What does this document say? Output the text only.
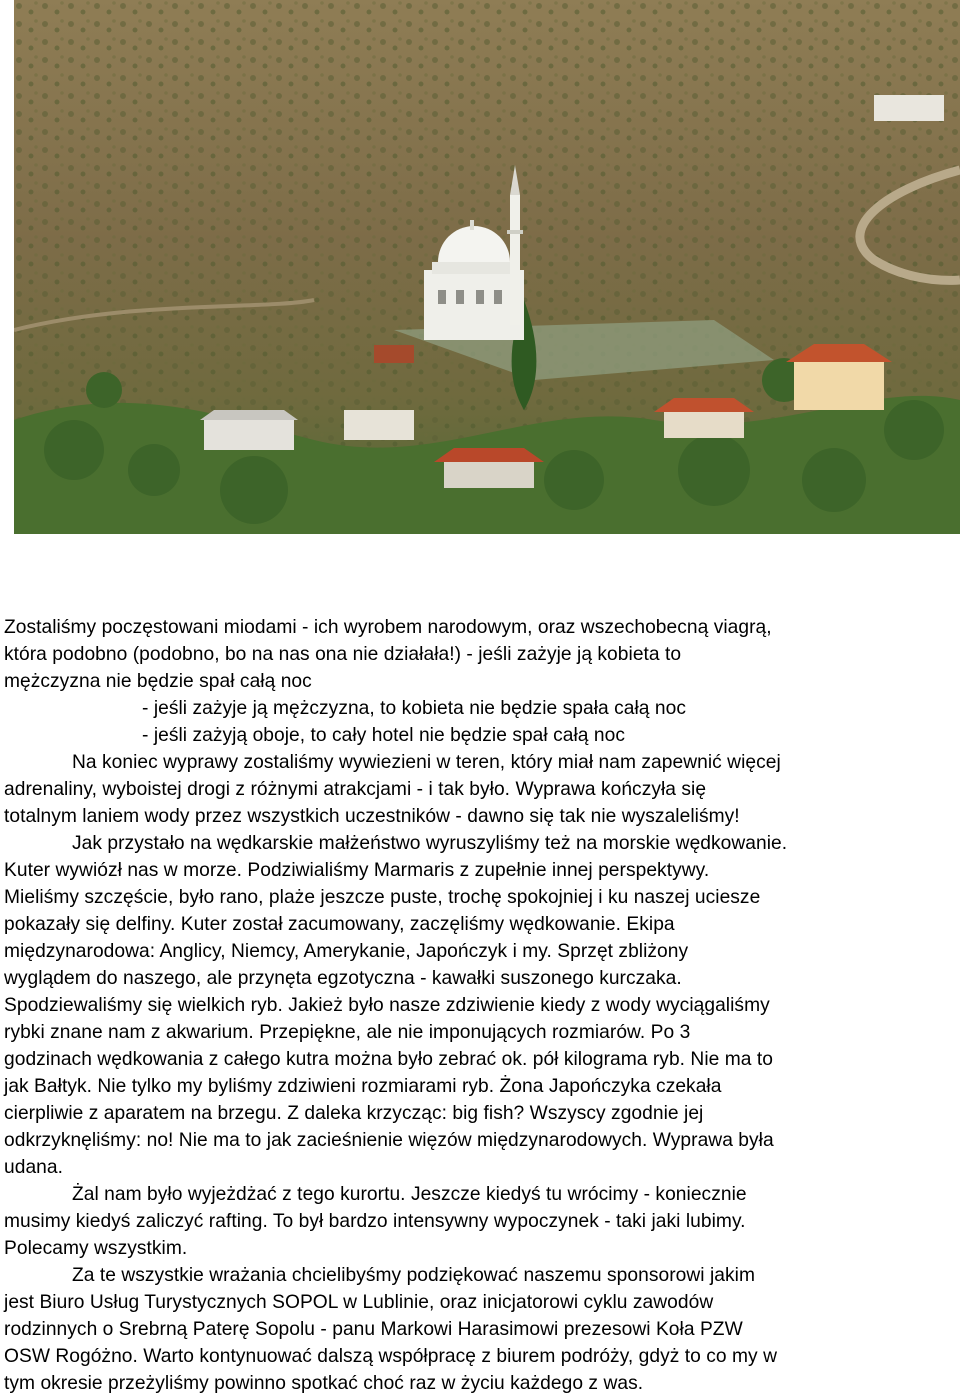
Zostaliśmy poczęstowani miodami - ich wyrobem narodowym, oraz wszechobecną viagrą,
która podobno (podobno, bo na nas ona nie działała!) - jeśli zażyje ją kobieta to
mężczyzna nie będzie spał całą noc
- jeśli zażyje ją mężczyzna, to kobieta nie będzie spała całą noc
- jeśli zażyją oboje, to cały hotel nie będzie spał całą noc
Na koniec wyprawy zostaliśmy wywiezieni w teren, który miał nam zapewnić więcej
adrenaliny, wyboistej drogi z różnymi atrakcjami - i tak było. Wyprawa kończyła się
totalnym laniem wody przez wszystkich uczestników - dawno się tak nie wyszaleliśmy!
Jak przystało na wędkarskie małżeństwo wyruszyliśmy też na morskie wędkowanie.
Kuter wywiózł nas w morze. Podziwialiśmy Marmaris z zupełnie innej perspektywy.
Mieliśmy szczęście, było rano, plaże jeszcze puste, trochę spokojniej i ku naszej uciesze
pokazały się delfiny. Kuter został zacumowany, zaczęliśmy wędkowanie. Ekipa
międzynarodowa: Anglicy, Niemcy, Amerykanie, Japończyk i my. Sprzęt zbliżony
wyglądem do naszego, ale przynęta egzotyczna - kawałki suszonego kurczaka.
Spodziewaliśmy się wielkich ryb. Jakież było nasze zdziwienie kiedy z wody wyciągaliśmy
rybki znane nam z akwarium. Przepiękne, ale nie imponujących rozmiarów. Po 3
godzinach wędkowania z całego kutra można było zebrać ok. pół kilograma ryb. Nie ma to
jak Bałtyk. Nie tylko my byliśmy zdziwieni rozmiarami ryb. Żona Japończyka czekała
cierpliwie z aparatem na brzegu. Z daleka krzycząc: big fish? Wszyscy zgodnie jej
odkrzyknęliśmy: no! Nie ma to jak zacieśnienie więzów międzynarodowych. Wyprawa była
udana.
Żal nam było wyjeżdżać z tego kurortu. Jeszcze kiedyś tu wrócimy - koniecznie
musimy kiedyś zaliczyć rafting. To był bardzo intensywny wypoczynek - taki jaki lubimy.
Polecamy wszystkim.
Za te wszystkie wrażania chcielibyśmy podziękować naszemu sponsorowi jakim
jest Biuro Usług Turystycznych SOPOL w Lublinie, oraz inicjatorowi cyklu zawodów
rodzinnych o Srebrną Paterę Sopolu - panu Markowi Harasimowi prezesowi Koła PZW
OSW Rogóżno. Warto kontynuować dalszą współpracę z biurem podróży, gdyż to co my w
tym okresie przeżyliśmy powinno spotkać choć raz w życiu każdego z was.
